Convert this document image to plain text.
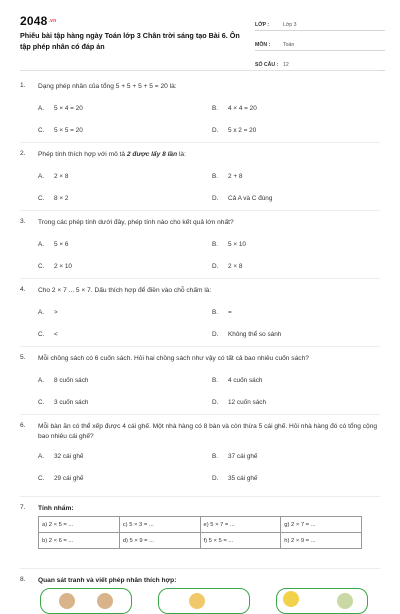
$2048^{.vn}$
Phiếu bài tập hàng ngày Toán lớp 3 Chân trời sáng tạo Bài 6. Ôn tập phép nhân có đáp án
LỚP :	Lớp 3
MÔN :	Toán
SỐ CÂU : 12
1.	Dạng phép nhân của tổng 5 + 5 + 5 + 5 = 20 là:
A.	5 × 4 = 20	B.	4 × 4 = 20
C.	5 × 5 = 20	D.	5 x 2 = 20
2.	Phép tính thích hợp với mô tả 2 được lấy 8 lần là:
A.	2 × 8	B.	2 + 8
C.	8 × 2	D.	Cả A và C đúng
3.	Trong các phép tính dưới đây, phép tính nào cho kết quả lớn nhất?
A.	5 × 6	B.	5 × 10
C.	2 × 10	D.	2 × 8
4.	Cho 2 × 7 ... 5 × 7. Dấu thích hợp để điền vào chỗ chấm là:
A.	>	B.	=
C.	<	D.	Không thể so sánh
5.	Mỗi chồng sách có 6 cuốn sách. Hỏi hai chồng sách như vậy có tất cả bao nhiêu cuốn sách?
A.	8 cuốn sách	B.	4 cuốn sách
C.	3 cuốn sách	D.	12 cuốn sách
6.	Mỗi bàn ăn có thể xếp được 4 cái ghế. Một nhà hàng có 8 bàn và còn thừa 5 cái ghế. Hỏi nhà hàng đó có tổng cộng bao nhiêu cái ghế?
A.	32 cái ghế	B.	37 cái ghế
C.	29 cái ghế	D.	35 cái ghế
7.	Tính nhẩm:
a) 2 × 5 = ...	c) 5 × 3 = ...	e) 5 × 7 = ...	g) 2 × 7 = ...
b) 2 × 6 = ...	d) 5 × 9 = ...	f) 5 × 5 = ...	h) 2 × 9 = ...
8.	Quan sát tranh và viết phép nhân thích hợp:
